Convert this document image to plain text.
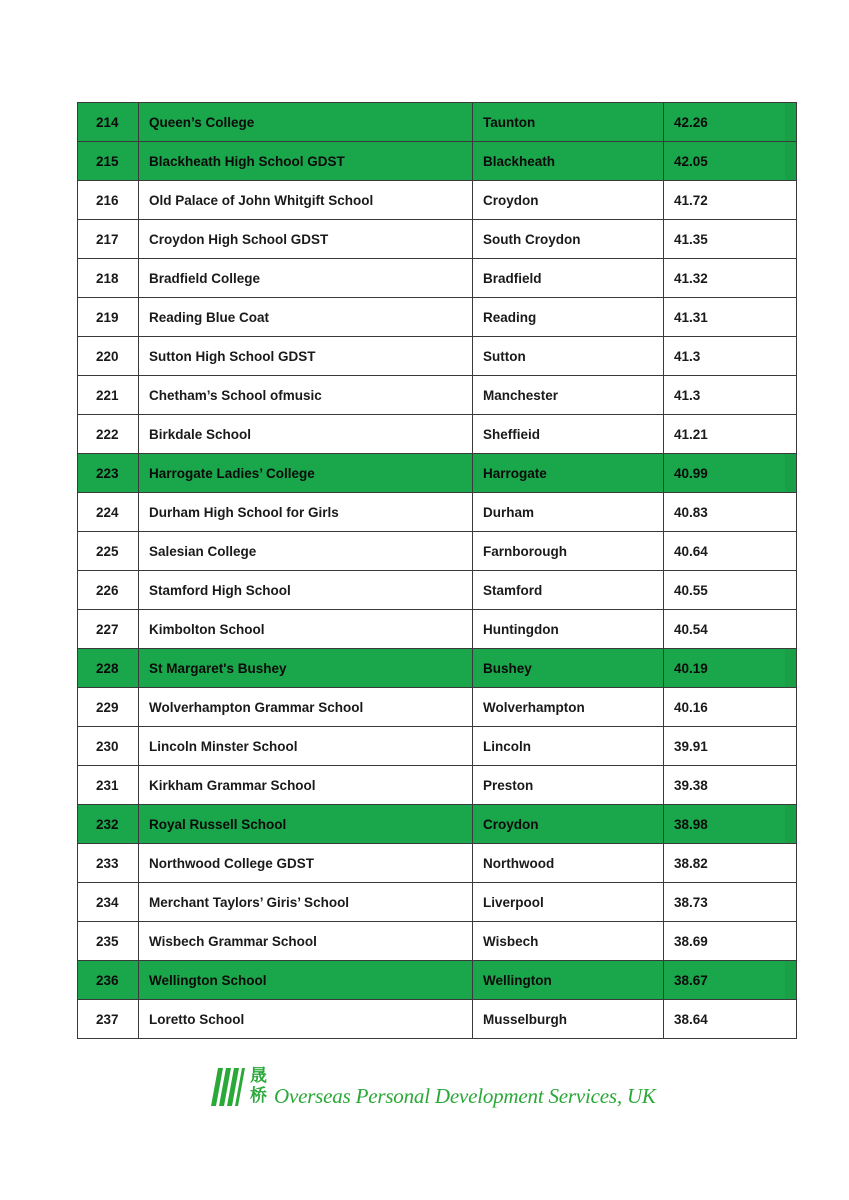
214	Queen’s College	Taunton	42.26
215	Blackheath High School GDST	Blackheath	42.05
216	Old Palace of John Whitgift School	Croydon	41.72
217	Croydon High School GDST	South Croydon	41.35
218	Bradfield College	Bradfield	41.32
219	Reading Blue Coat	Reading	41.31
220	Sutton High School GDST	Sutton	41.3
221	Chetham’s School ofmusic	Manchester	41.3
222	Birkdale School	Sheffieid	41.21
223	Harrogate Ladies’ College	Harrogate	40.99
224	Durham High School for Girls	Durham	40.83
225	Salesian College	Farnborough	40.64
226	Stamford High School	Stamford	40.55
227	Kimbolton School	Huntingdon	40.54
228	St Margaret's Bushey	Bushey	40.19
229	Wolverhampton Grammar School	Wolverhampton	40.16
230	Lincoln Minster School	Lincoln	39.91
231	Kirkham Grammar School	Preston	39.38
232	Royal Russell School	Croydon	38.98
233	Northwood College GDST	Northwood	38.82
234	Merchant Taylors’ Giris’ School	Liverpool	38.73
235	Wisbech Grammar School	Wisbech	38.69
236	Wellington School	Wellington	38.67
237	Loretto School	Musselburgh	38.64
晟
桥 Overseas Personal Development Services, UK
